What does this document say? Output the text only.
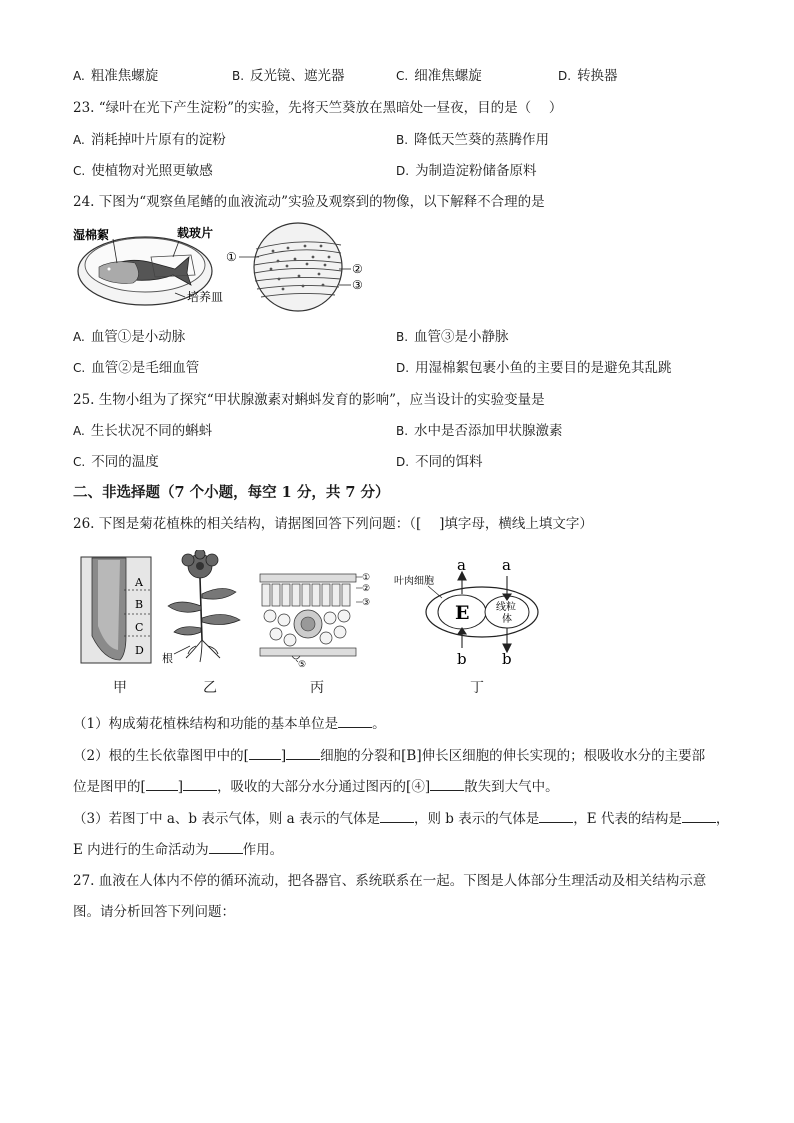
A. 粗准焦螺旋	B. 反光镜、遮光器	C. 细准焦螺旋	D. 转换器
23. “绿叶在光下产生淀粉”的实验，先将天竺葵放在黑暗处一昼夜，目的是（　 ）
A. 消耗掉叶片原有的淀粉	B. 降低天竺葵的蒸腾作用
C. 使植物对光照更敏感	D. 为制造淀粉储备原料
24. 下图为“观察鱼尾鳍的血液流动”实验及观察到的物像，以下解释不合理的是
湿棉絮	载玻片
培养皿
①
②
③
A. 血管①是小动脉	B. 血管③是小静脉
C. 血管②是毛细血管	D. 用湿棉絮包裹小鱼的主要目的是避免其乱跳
25. 生物小组为了探究“甲状腺激素对蝌蚪发育的影响”，应当设计的实验变量是
A. 生长状况不同的蝌蚪	B. 水中是否添加甲状腺激素
C. 不同的温度	D. 不同的饵料
二、非选择题（7 个小题，每空 1 分，共 7 分）
26. 下图是菊花植株的相关结构，请据图回答下列问题：（[　 ]填字母，横线上填文字）
A
B
C
D
根
①
②
③
⑤
E	线粒
体
叶肉细胞
a a
b b
甲	乙	丙	丁
（1）构成菊花植株结构和功能的基本单位是	。
（2）根的生长依靠图甲中的[ ]	细胞的分裂和[B]伸长区细胞的伸长实现的；根吸收水分的主要部
位是图甲的[ ]	，吸收的大部分水分通过图丙的[④]	散失到大气中。
（3）若图丁中 a、b 表示气体，则 a 表示的气体是	，则 b 表示的气体是	，E 代表的结构是	，
E 内进行的生命活动为	作用。
27. 血液在人体内不停的循环流动，把各器官、系统联系在一起。下图是人体部分生理活动及相关结构示意
图。请分析回答下列问题：
